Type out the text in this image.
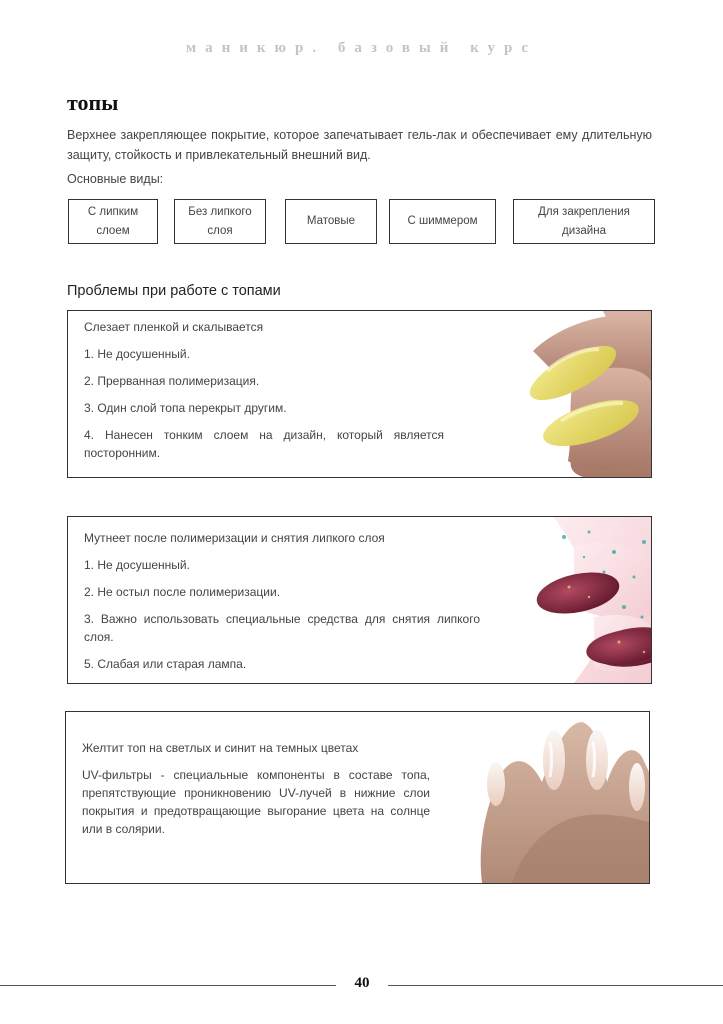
маникюр. базовый курс
топы
Верхнее закрепляющее покрытие, которое запечатывает гель-лак и обеспечивает ему длительную защиту, стойкость и привлекательный внешний вид.
Основные виды:
С липким
слоем
Без липкого
слоя
Матовые	С шиммером
Для закрепления
дизайна
Проблемы при работе с топами

Слезает пленкой и скалывается

1. Не досушенный.

2. Прерванная полимеризация.

3. Один слой топа перекрыт другим.

4. Нанесен тонким слоем на дизайн, который является посторонним.

Мутнеет после полимеризации и снятия липкого слоя

1. Не досушенный.

2. Не остыл после полимеризации.

3. Важно использовать специальные средства для снятия липкого слоя.

5. Слабая или старая лампа.

Желтит топ на светлых и синит на темных цветах

UV-фильтры - специальные компоненты в составе топа, препятствующие проникновению UV-лучей в нижние слои покрытия и предотвращающие выгорание цвета на солнце или в солярии.

40
